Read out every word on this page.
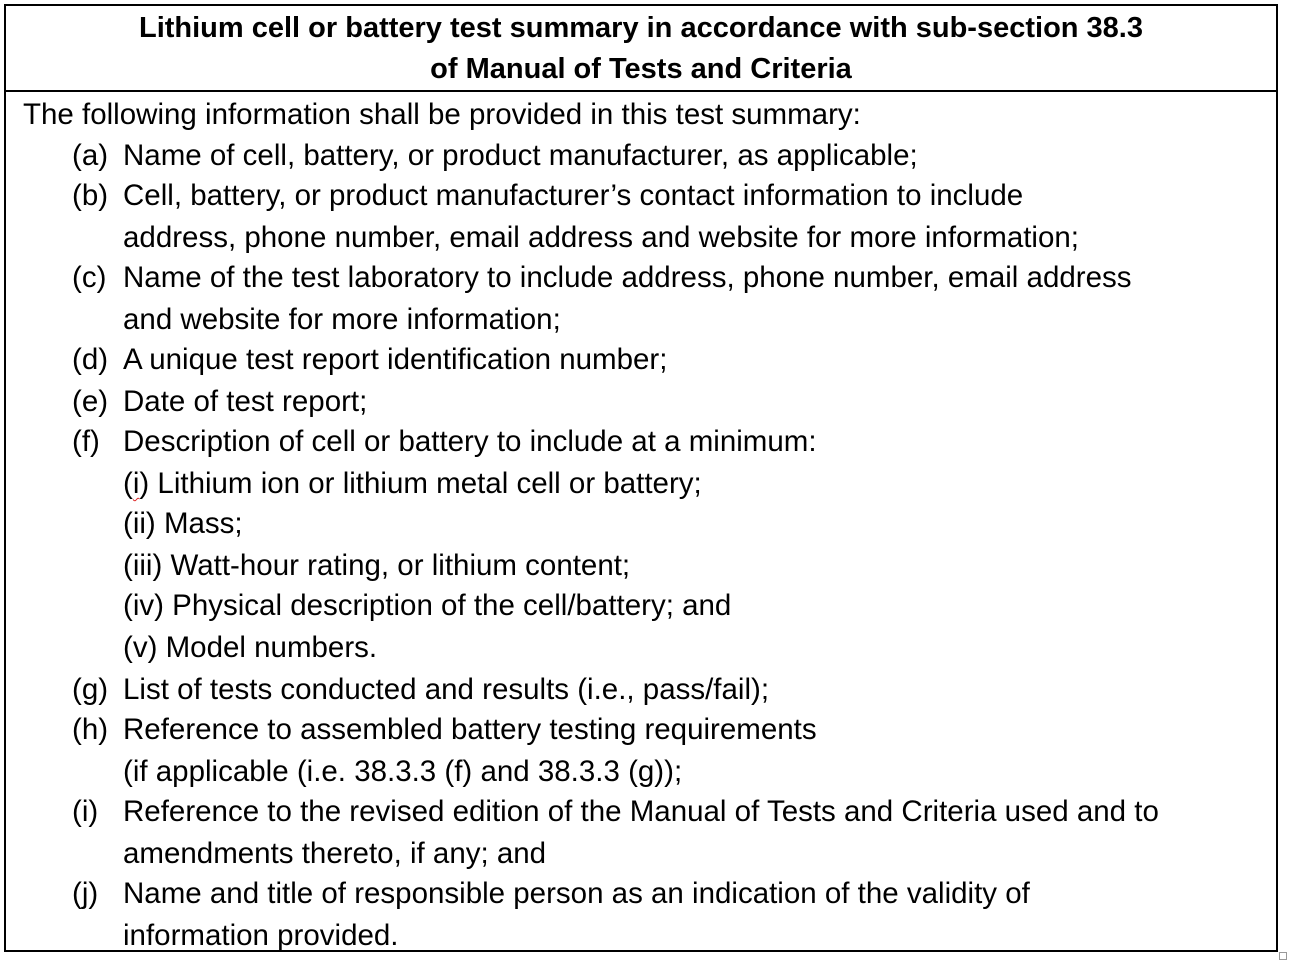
Lithium cell or battery test summary in accordance with sub-section 38.3
of Manual of Tests and Criteria
The following information shall be provided in this test summary:
(a) Name of cell, battery, or product manufacturer, as applicable;
(b) Cell, battery, or product manufacturer’s contact information to include
address, phone number, email address and website for more information;
(c) Name of the test laboratory to include address, phone number, email address
and website for more information;
(d) A unique test report identification number;
(e) Date of test report;
(f) Description of cell or battery to include at a minimum:
(i) Lithium ion or lithium metal cell or battery;
(ii) Mass;
(iii) Watt-hour rating, or lithium content;
(iv) Physical description of the cell/battery; and
(v) Model numbers.
(g) List of tests conducted and results (i.e., pass/fail);
(h) Reference to assembled battery testing requirements
(if applicable (i.e. 38.3.3 (f) and 38.3.3 (g));
(i) Reference to the revised edition of the Manual of Tests and Criteria used and to
amendments thereto, if any; and
(j) Name and title of responsible person as an indication of the validity of
information provided.
